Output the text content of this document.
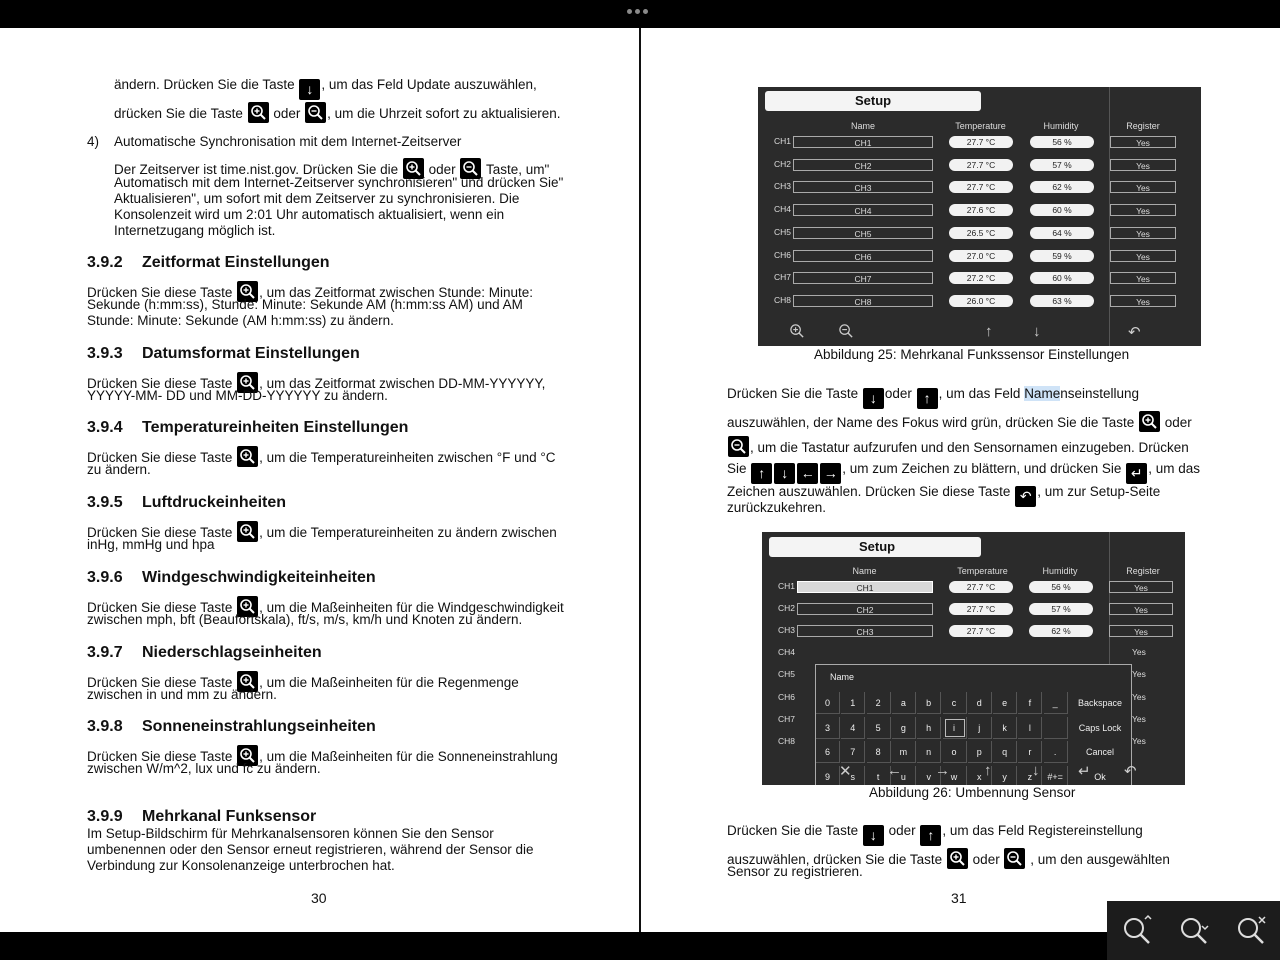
ändern. Drücken Sie die Taste ↓ , um das Feld Update auszuwählen,
drücken Sie die Taste oder , um die Uhrzeit sofort zu aktualisieren.
4) Automatische Synchronisation mit dem Internet-Zeitserver
Der Zeitserver ist time.nist.gov. Drücken Sie die oder Taste, um"
Automatisch mit dem Internet-Zeitserver synchronisieren" und drücken Sie"
Aktualisieren", um sofort mit dem Zeitserver zu synchronisieren. Die
Konsolenzeit wird um 2:01 Uhr automatisch aktualisiert, wenn ein
Internetzugang möglich ist.
3.9.2 Zeitformat Einstellungen
Drücken Sie diese Taste , um das Zeitformat zwischen Stunde: Minute:
Sekunde (h:mm:ss), Stunde: Minute: Sekunde AM (h:mm:ss AM) und AM
Stunde: Minute: Sekunde (AM h:mm:ss) zu ändern.
3.9.3 Datumsformat Einstellungen
Drücken Sie diese Taste , um das Zeitformat zwischen DD-MM-YYYYYY,
YYYYY-MM- DD und MM-DD-YYYYYY zu ändern.
3.9.4 Temperatureinheiten Einstellungen
Drücken Sie diese Taste , um die Temperatureinheiten zwischen °F und °C
zu ändern.
3.9.5 Luftdruckeinheiten
Drücken Sie diese Taste , um die Temperatureinheiten zu ändern zwischen
inHg, mmHg und hpa
3.9.6 Windgeschwindigkeiteinheiten
Drücken Sie diese Taste , um die Maßeinheiten für die Windgeschwindigkeit
zwischen mph, bft (Beaufortskala), ft/s, m/s, km/h und Knoten zu ändern.
3.9.7 Niederschlagseinheiten
Drücken Sie diese Taste , um die Maßeinheiten für die Regenmenge
zwischen in und mm zu ändern.
3.9.8 Sonneneinstrahlungseinheiten
Drücken Sie diese Taste , um die Maßeinheiten für die Sonneneinstrahlung
zwischen W/m^2, lux und fc zu ändern.
3.9.9 Mehrkanal Funksensor
Im Setup-Bildschirm für Mehrkanalsensoren können Sie den Sensor
umbenennen oder den Sensor erneut registrieren, während der Sensor die
Verbindung zur Konsolenanzeige unterbrochen hat.
30
Setup
Name	Temperature	Humidity	Register
CH1	CH1	27.7 °C	56 %	Yes
CH2	CH2	27.7 °C	57 %	Yes
CH3	CH3	27.7 °C	62 %	Yes
CH4	CH4	27.6 °C	60 %	Yes
CH5	CH5	26.5 °C	64 %	Yes
CH6	CH6	27.0 °C	59 %	Yes
CH7	CH7	27.2 °C	60 %	Yes
CH8	CH8	26.0 °C	63 %	Yes
↑	↓	↶
Abbildung 25: Mehrkanal Funkssensor Einstellungen
Drücken Sie die Taste ↓ oder ↑ , um das Feld Namenseinstellung
auszuwählen, der Name des Fokus wird grün, drücken Sie die Taste oder
, um die Tastatur aufzurufen und den Sensornamen einzugeben. Drücken
Sie ↑ ↓ ← → , um zum Zeichen zu blättern, und drücken Sie ↵ , um das
Zeichen auszuwählen. Drücken Sie diese Taste ↶ , um zur Setup-Seite
zurückzukehren.
Setup
Name	Temperature	Humidity	Register
CH1	CH1	27.7 °C	56 %	Yes
CH2	CH2	27.7 °C	57 %	Yes
CH3	CH3	27.7 °C	62 %	Yes
CH4	Yes
CH5	Yes
CH6	Yes
CH7	Yes
CH8	Yes
Name
0	1	2	a	b	c	d	e	f	_
3	4	5	g	h	i	j	k	l
6	7	8	m	n	o	p	q	r	.
9	s	t	u	v	w	x	y	z	#+=
Backspace
Caps Lock
Cancel
Ok
✕ ← → ↑	↓	↵ ↶
Abbildung 26: Umbennung Sensor
Drücken Sie die Taste ↓ oder ↑ , um das Feld Registereinstellung
auszuwählen, drücken Sie die Taste oder , um den ausgewählten
Sensor zu registrieren.
31
